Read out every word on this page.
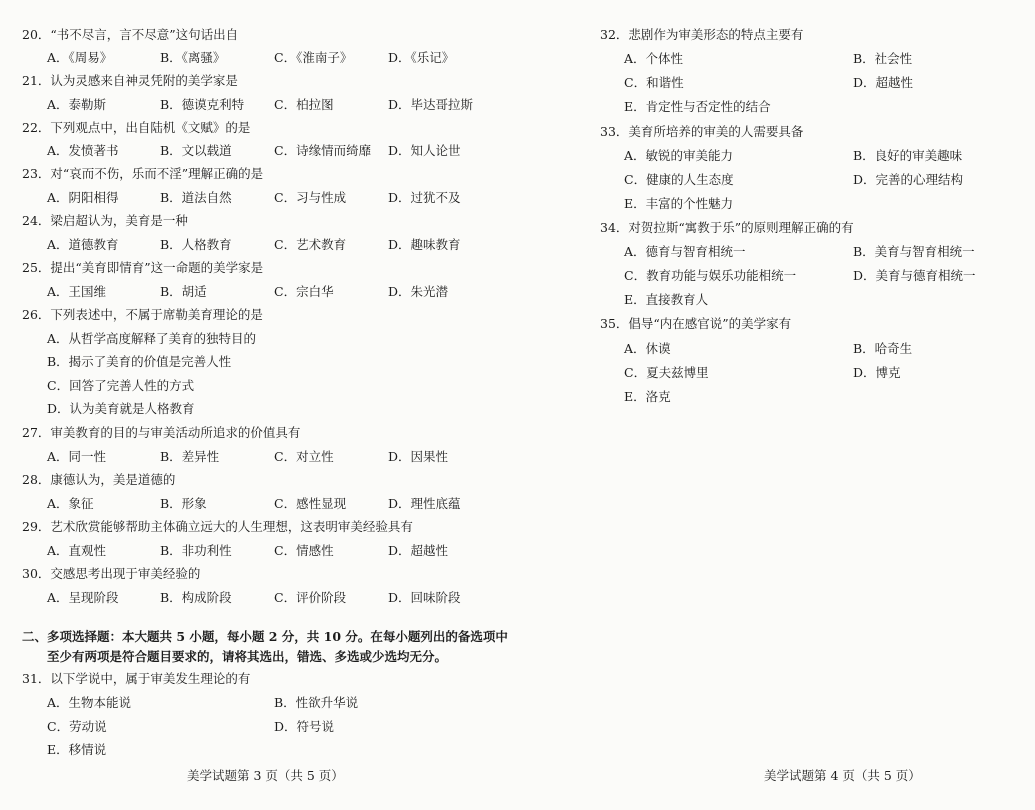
20．“书不尽言，言不尽意”这句话出自
A．《周易》	B．《离骚》	C．《淮南子》	D．《乐记》
21．认为灵感来自神灵凭附的美学家是
A．泰勒斯	B．德谟克利特 C．柏拉图	D．毕达哥拉斯
22．下列观点中，出自陆机《文赋》的是
A．发愤著书	B．文以载道	C．诗缘情而绮靡 D．知人论世
23．对“哀而不伤，乐而不淫”理解正确的是
A．阴阳相得	B．道法自然	C．习与性成	D．过犹不及
24．梁启超认为，美育是一种
A．道德教育	B．人格教育	C．艺术教育	D．趣味教育
25．提出“美育即情育”这一命题的美学家是
A．王国维	B．胡适	C．宗白华	D．朱光潜
26．下列表述中，不属于席勒美育理论的是
A．从哲学高度解释了美育的独特目的
B．揭示了美育的价值是完善人性
C．回答了完善人性的方式
D．认为美育就是人格教育
27．审美教育的目的与审美活动所追求的价值具有
A．同一性	B．差异性	C．对立性	D．因果性
28．康德认为，美是道德的
A．象征	B．形象	C．感性显现	D．理性底蕴
29．艺术欣赏能够帮助主体确立远大的人生理想，这表明审美经验具有
A．直观性	B．非功利性	C．情感性	D．超越性
30．交感思考出现于审美经验的
A．呈现阶段	B．构成阶段	C．评价阶段	D．回味阶段
二、多项选择题：本大题共 5 小题，每小题 2 分，共 10 分。在每小题列出的备选项中
至少有两项是符合题目要求的，请将其选出，错选、多选或少选均无分。
31．以下学说中，属于审美发生理论的有
A．生物本能说	B．性欲升华说
C．劳动说	D．符号说
E．移情说
美学试题第 3 页（共 5 页）
32．悲剧作为审美形态的特点主要有
A．个体性	B．社会性
C．和谐性	D．超越性
E．肯定性与否定性的结合
33．美育所培养的审美的人需要具备
A．敏锐的审美能力	B．良好的审美趣味
C．健康的人生态度	D．完善的心理结构
E．丰富的个性魅力
34．对贺拉斯“寓教于乐”的原则理解正确的有
A．德育与智育相统一	B．美育与智育相统一
C．教育功能与娱乐功能相统一	D．美育与德育相统一
E．直接教育人
35．倡导“内在感官说”的美学家有
A．休谟	B．哈奇生
C．夏夫兹博里	D．博克
E．洛克
美学试题第 4 页（共 5 页）
